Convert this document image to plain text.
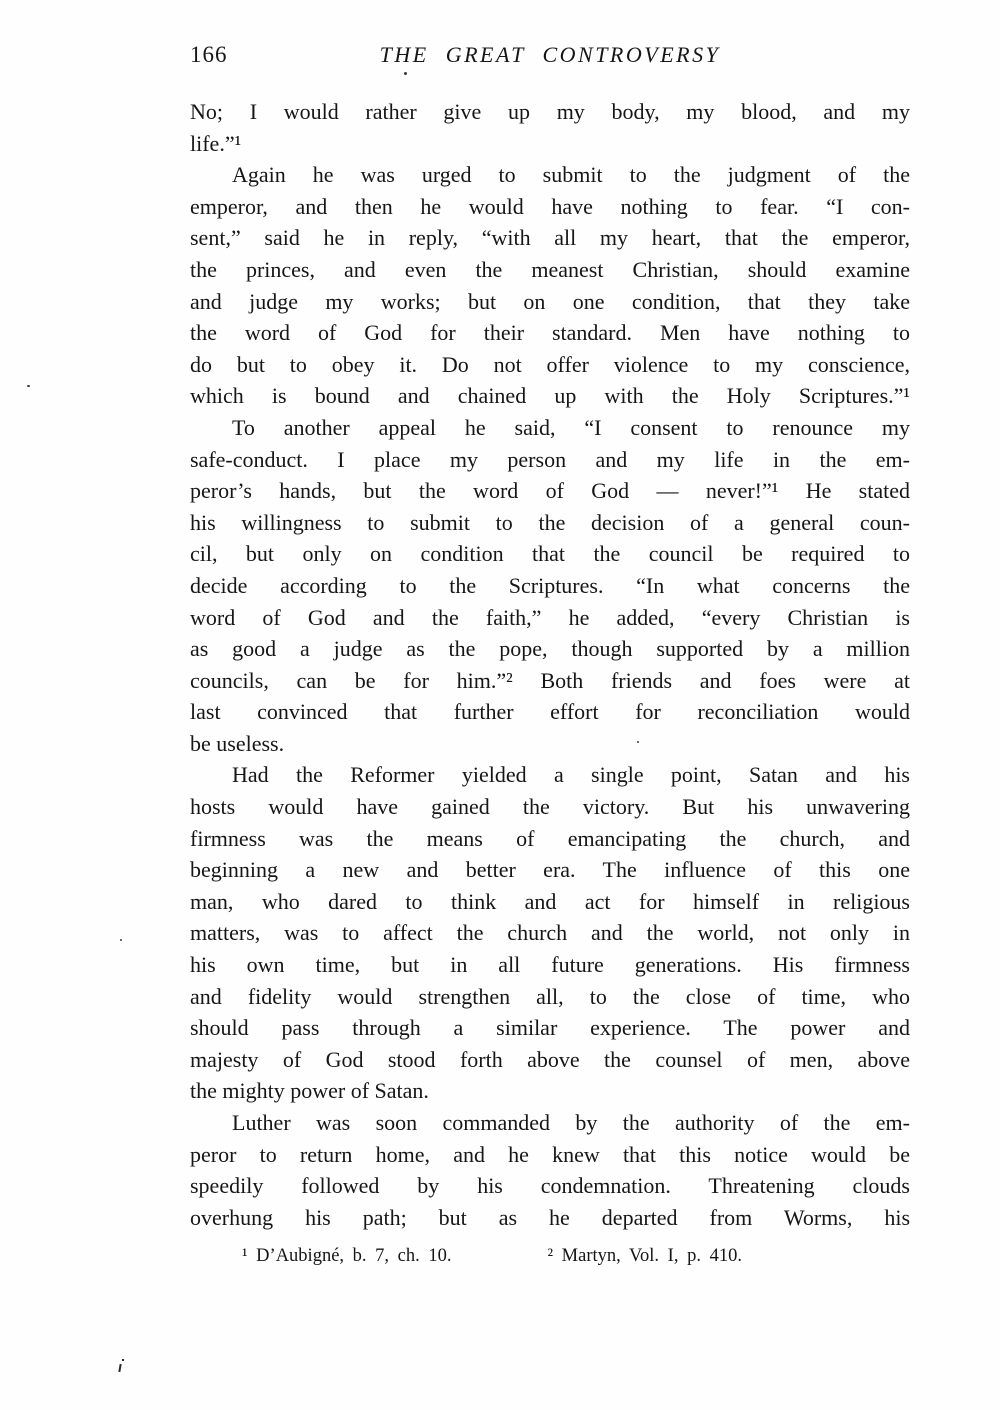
166	THE GREAT CONTROVERSY
No; I would rather give up my body, my blood, and my
life.”¹
Again he was urged to submit to the judgment of the
emperor, and then he would have nothing to fear. “I con-
sent,” said he in reply, “with all my heart, that the emperor,
the princes, and even the meanest Christian, should examine
and judge my works; but on one condition, that they take
the word of God for their standard. Men have nothing to
do but to obey it. Do not offer violence to my conscience,
which is bound and chained up with the Holy Scriptures.”¹
To another appeal he said, “I consent to renounce my
safe-conduct. I place my person and my life in the em-
peror’s hands, but the word of God — never!”¹ He stated
his willingness to submit to the decision of a general coun-
cil, but only on condition that the council be required to
decide according to the Scriptures. “In what concerns the
word of God and the faith,” he added, “every Christian is
as good a judge as the pope, though supported by a million
councils, can be for him.”² Both friends and foes were at
last convinced that further effort for reconciliation would
be useless.
Had the Reformer yielded a single point, Satan and his
hosts would have gained the victory. But his unwavering
firmness was the means of emancipating the church, and
beginning a new and better era. The influence of this one
man, who dared to think and act for himself in religious
matters, was to affect the church and the world, not only in
his own time, but in all future generations. His firmness
and fidelity would strengthen all, to the close of time, who
should pass through a similar experience. The power and
majesty of God stood forth above the counsel of men, above
the mighty power of Satan.
Luther was soon commanded by the authority of the em-
peror to return home, and he knew that this notice would be
speedily followed by his condemnation. Threatening clouds
overhung his path; but as he departed from Worms, his
¹ D’Aubigné, b. 7, ch. 10.	² Martyn, Vol. I, p. 410.
